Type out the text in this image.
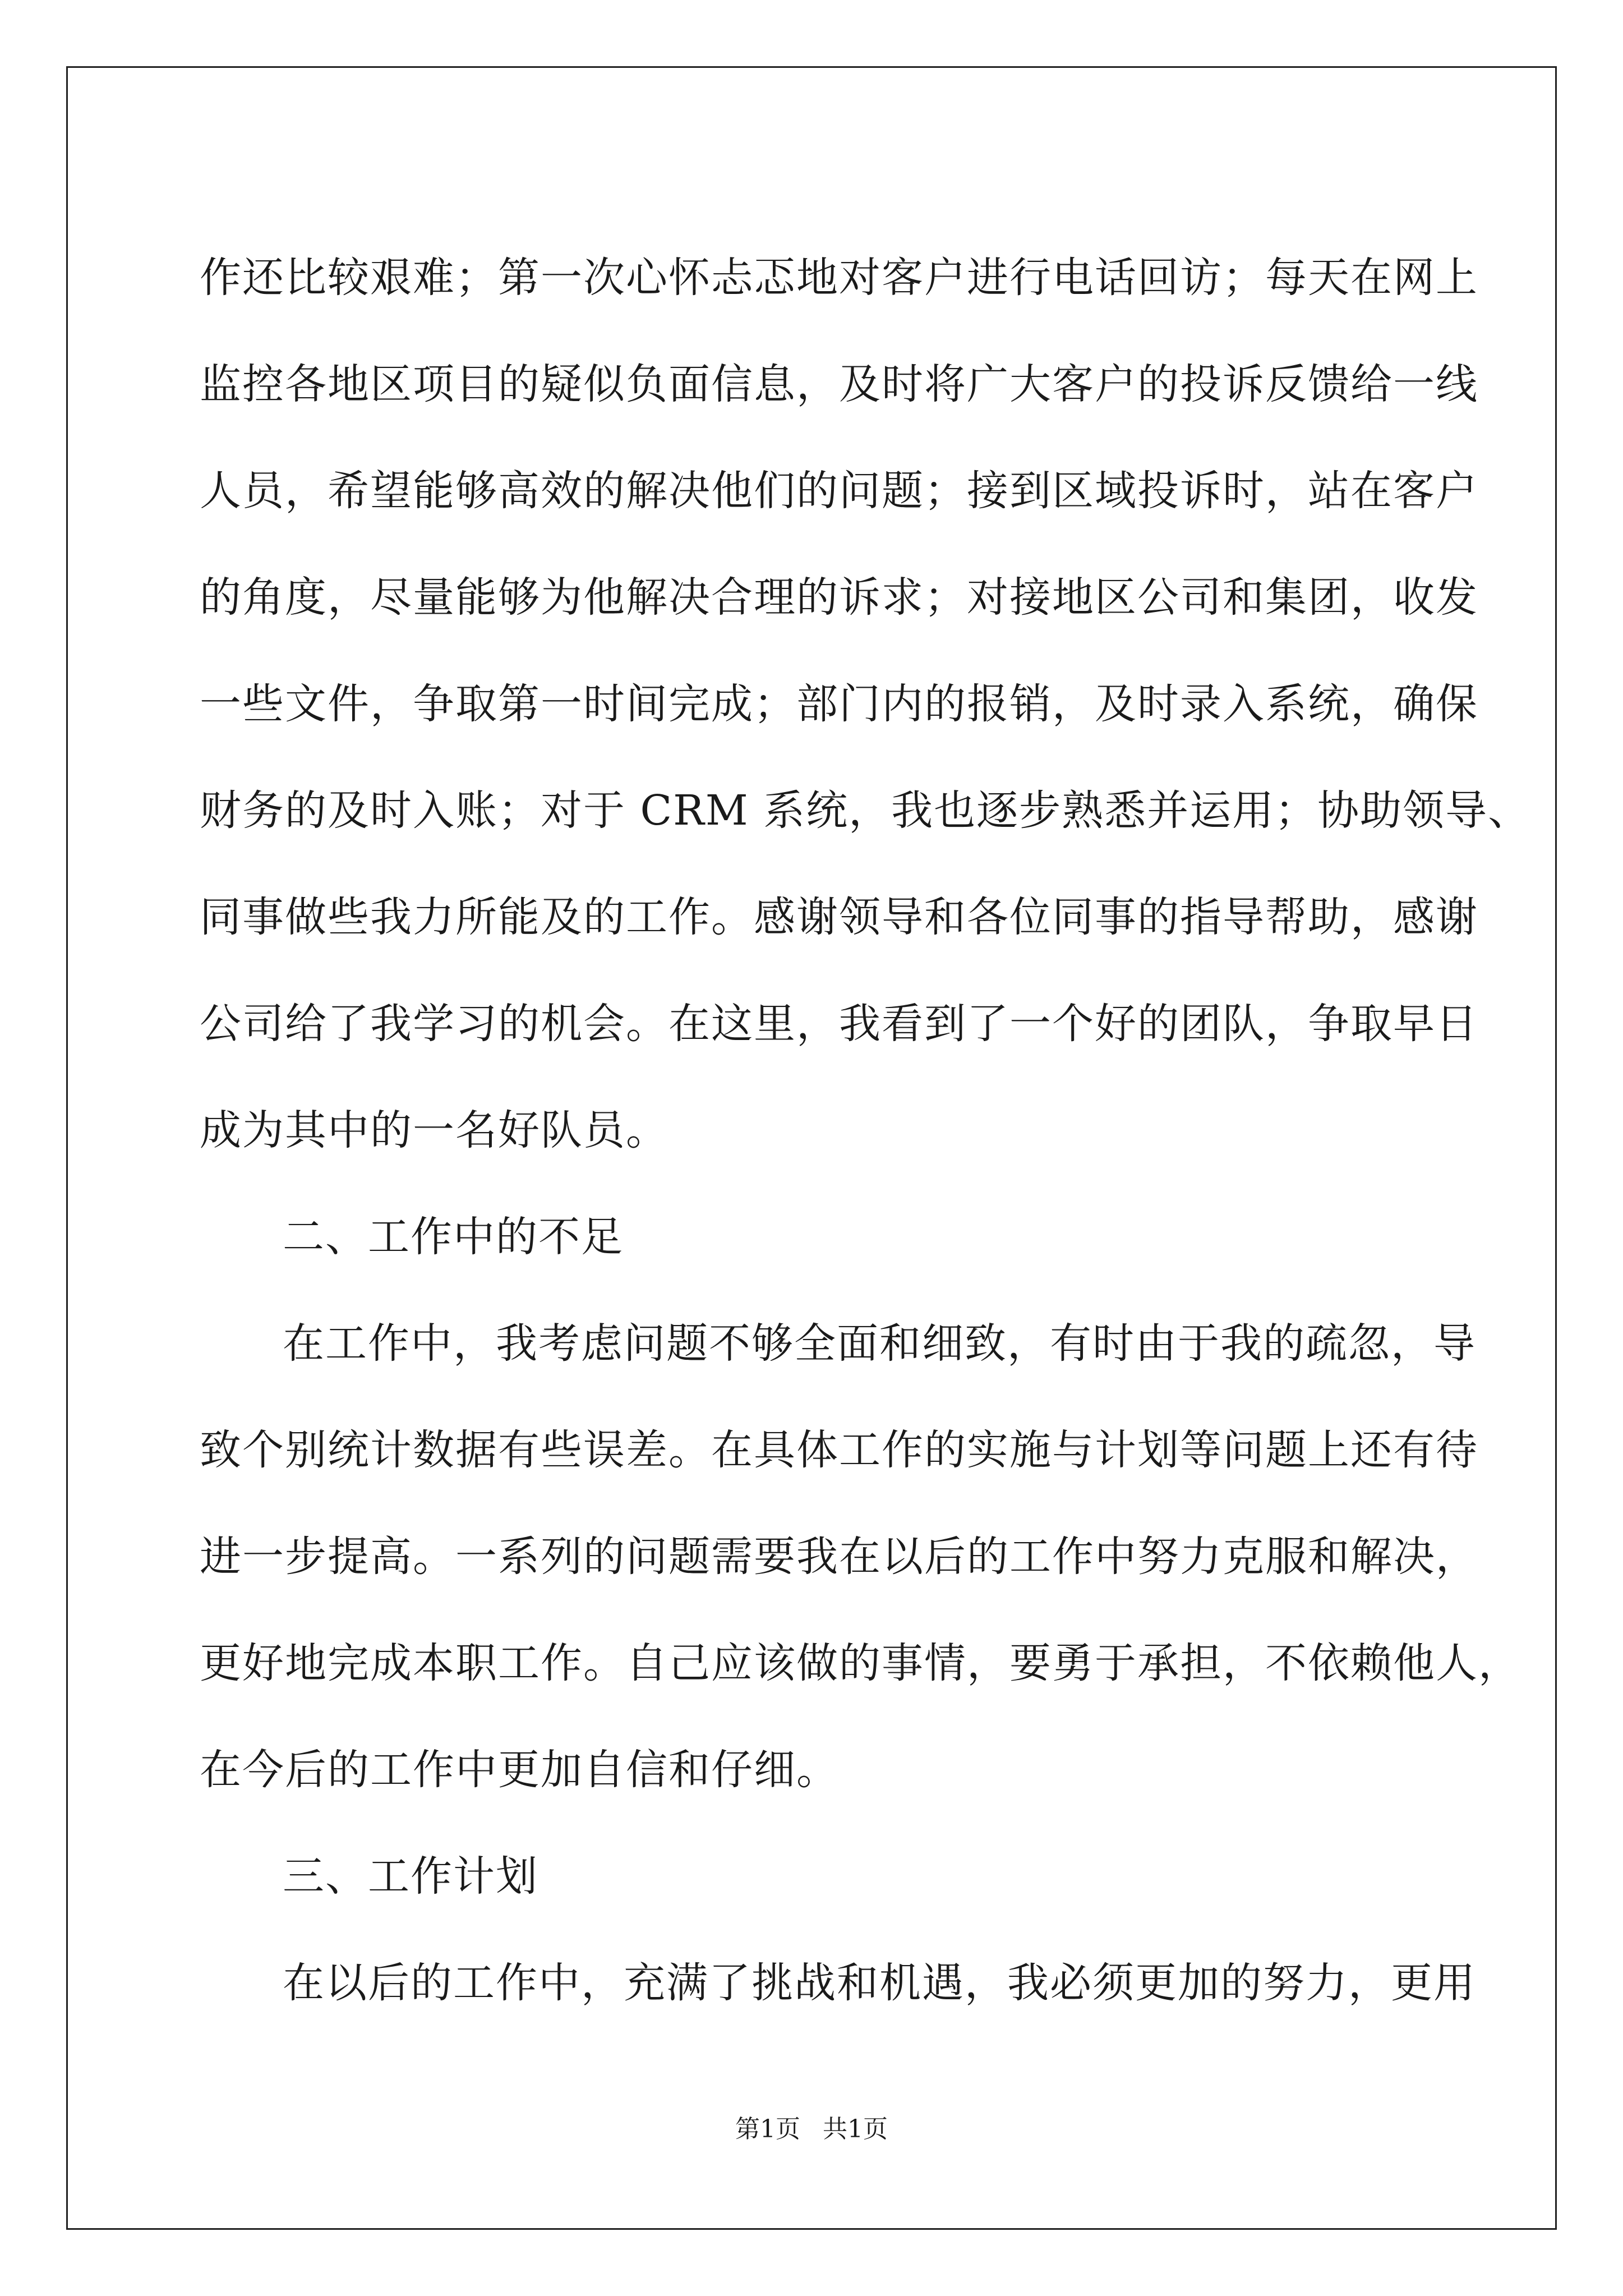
作还比较艰难；第一次心怀忐忑地对客户进行电话回访；每天在网上
监控各地区项目的疑似负面信息，及时将广大客户的投诉反馈给一线
人员，希望能够高效的解决他们的问题；接到区域投诉时，站在客户
的角度，尽量能够为他解决合理的诉求；对接地区公司和集团，收发
一些文件，争取第一时间完成；部门内的报销，及时录入系统，确保
财务的及时入账；对于 CRM 系统，我也逐步熟悉并运用；协助领导、
同事做些我力所能及的工作。感谢领导和各位同事的指导帮助，感谢
公司给了我学习的机会。在这里，我看到了一个好的团队，争取早日
成为其中的一名好队员。
二、工作中的不足
在工作中，我考虑问题不够全面和细致，有时由于我的疏忽，导
致个别统计数据有些误差。在具体工作的实施与计划等问题上还有待
进一步提高。一系列的问题需要我在以后的工作中努力克服和解决，
更好地完成本职工作。自己应该做的事情，要勇于承担，不依赖他人，
在今后的工作中更加自信和仔细。
三、工作计划
在以后的工作中，充满了挑战和机遇，我必须更加的努力，更用
第1页 共1页
